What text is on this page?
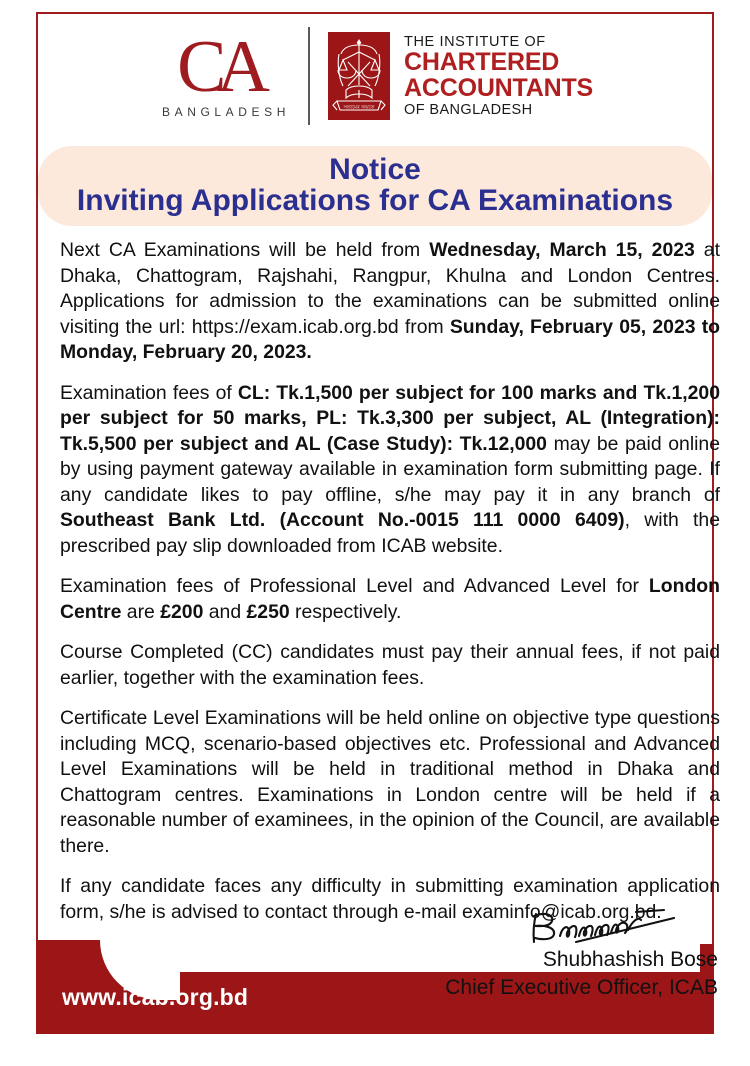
CA
BANGLADESH	সত্যমেব জয়তে
THE INSTITUTE OF
CHARTERED
ACCOUNTANTS
OF BANGLADESH
Notice
Inviting Applications for CA Examinations

Next CA Examinations will be held from Wednesday, March 15, 2023 at Dhaka, Chattogram, Rajshahi, Rangpur, Khulna and London Centres. Applications for admission to the examinations can be submitted online visiting the url: https://exam.icab.org.bd from Sunday, February 05, 2023 to Monday, February 20, 2023.

Examination fees of CL: Tk.1,500 per subject for 100 marks and Tk.1,200 per subject for 50 marks, PL: Tk.3,300 per subject, AL (Integration): Tk.5,500 per subject and AL (Case Study): Tk.12,000 may be paid online by using payment gateway available in examination form submitting page. If any candidate likes to pay offline, s/he may pay it in any branch of Southeast Bank Ltd. (Account No.-0015 111 0000 6409), with the prescribed pay slip downloaded from ICAB website.

Examination fees of Professional Level and Advanced Level for London Centre are £200 and £250 respectively.

Course Completed (CC) candidates must pay their annual fees, if not paid earlier, together with the examination fees.

Certificate Level Examinations will be held online on objective type questions including MCQ, scenario-based objectives etc. Professional and Advanced Level Examinations will be held in traditional method in Dhaka and Chattogram centres. Examinations in London centre will be held if a reasonable number of examinees, in the opinion of the Council, are available there.

If any candidate faces any difficulty in submitting examination application form, s/he is advised to contact through e-mail examinfo@icab.org.bd.

Shubhashish Bose
Chief Executive Officer, ICAB
www.icab.org.bd
